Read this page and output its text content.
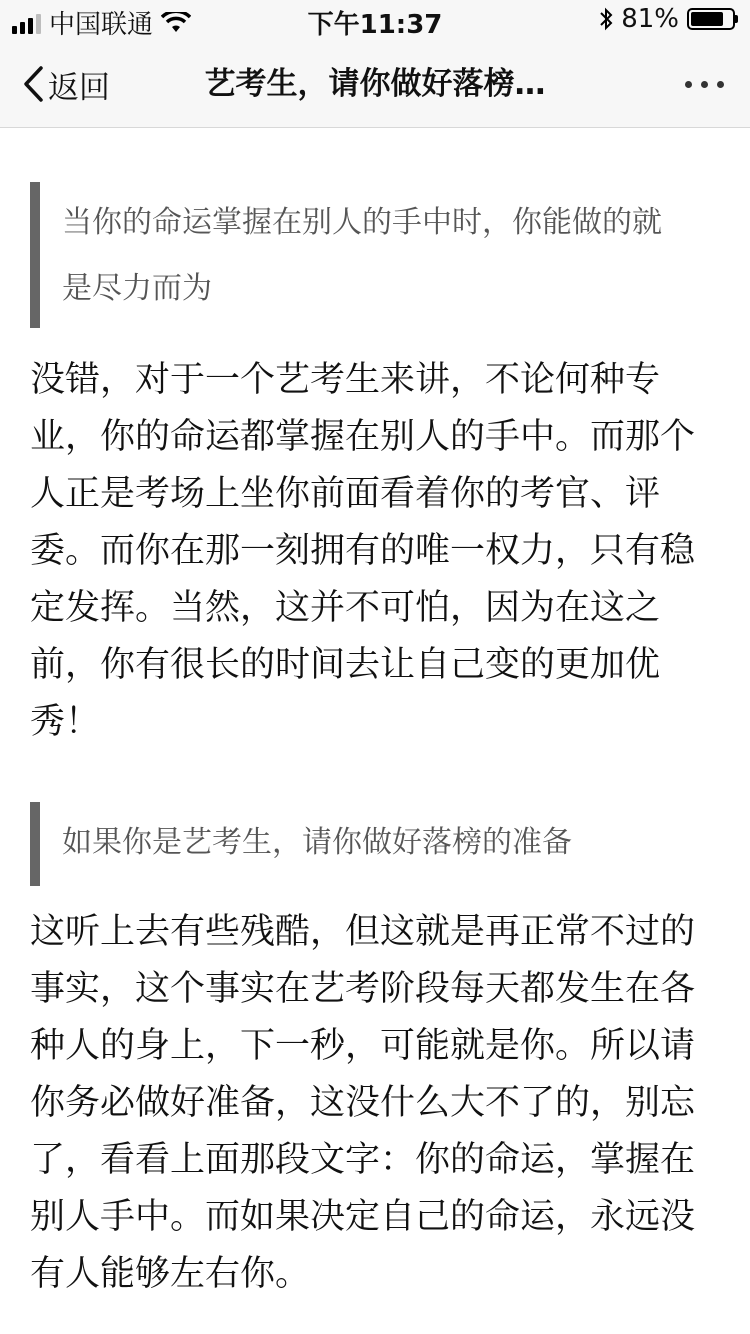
中国联通	下午11:37	81%
返回	艺考生，请你做好落榜…
当你的命运掌握在别人的手中时，你能做的就是尽力而为
没错，对于一个艺考生来讲，不论何种专业，你的命运都掌握在别人的手中。而那个人正是考场上坐你前面看着你的考官、评委。而你在那一刻拥有的唯一权力，只有稳定发挥。当然，这并不可怕，因为在这之前，你有很长的时间去让自己变的更加优秀！
如果你是艺考生，请你做好落榜的准备
这听上去有些残酷，但这就是再正常不过的事实，这个事实在艺考阶段每天都发生在各种人的身上，下一秒，可能就是你。所以请你务必做好准备，这没什么大不了的，别忘了，看看上面那段文字：你的命运，掌握在别人手中。而如果决定自己的命运，永远没有人能够左右你。
